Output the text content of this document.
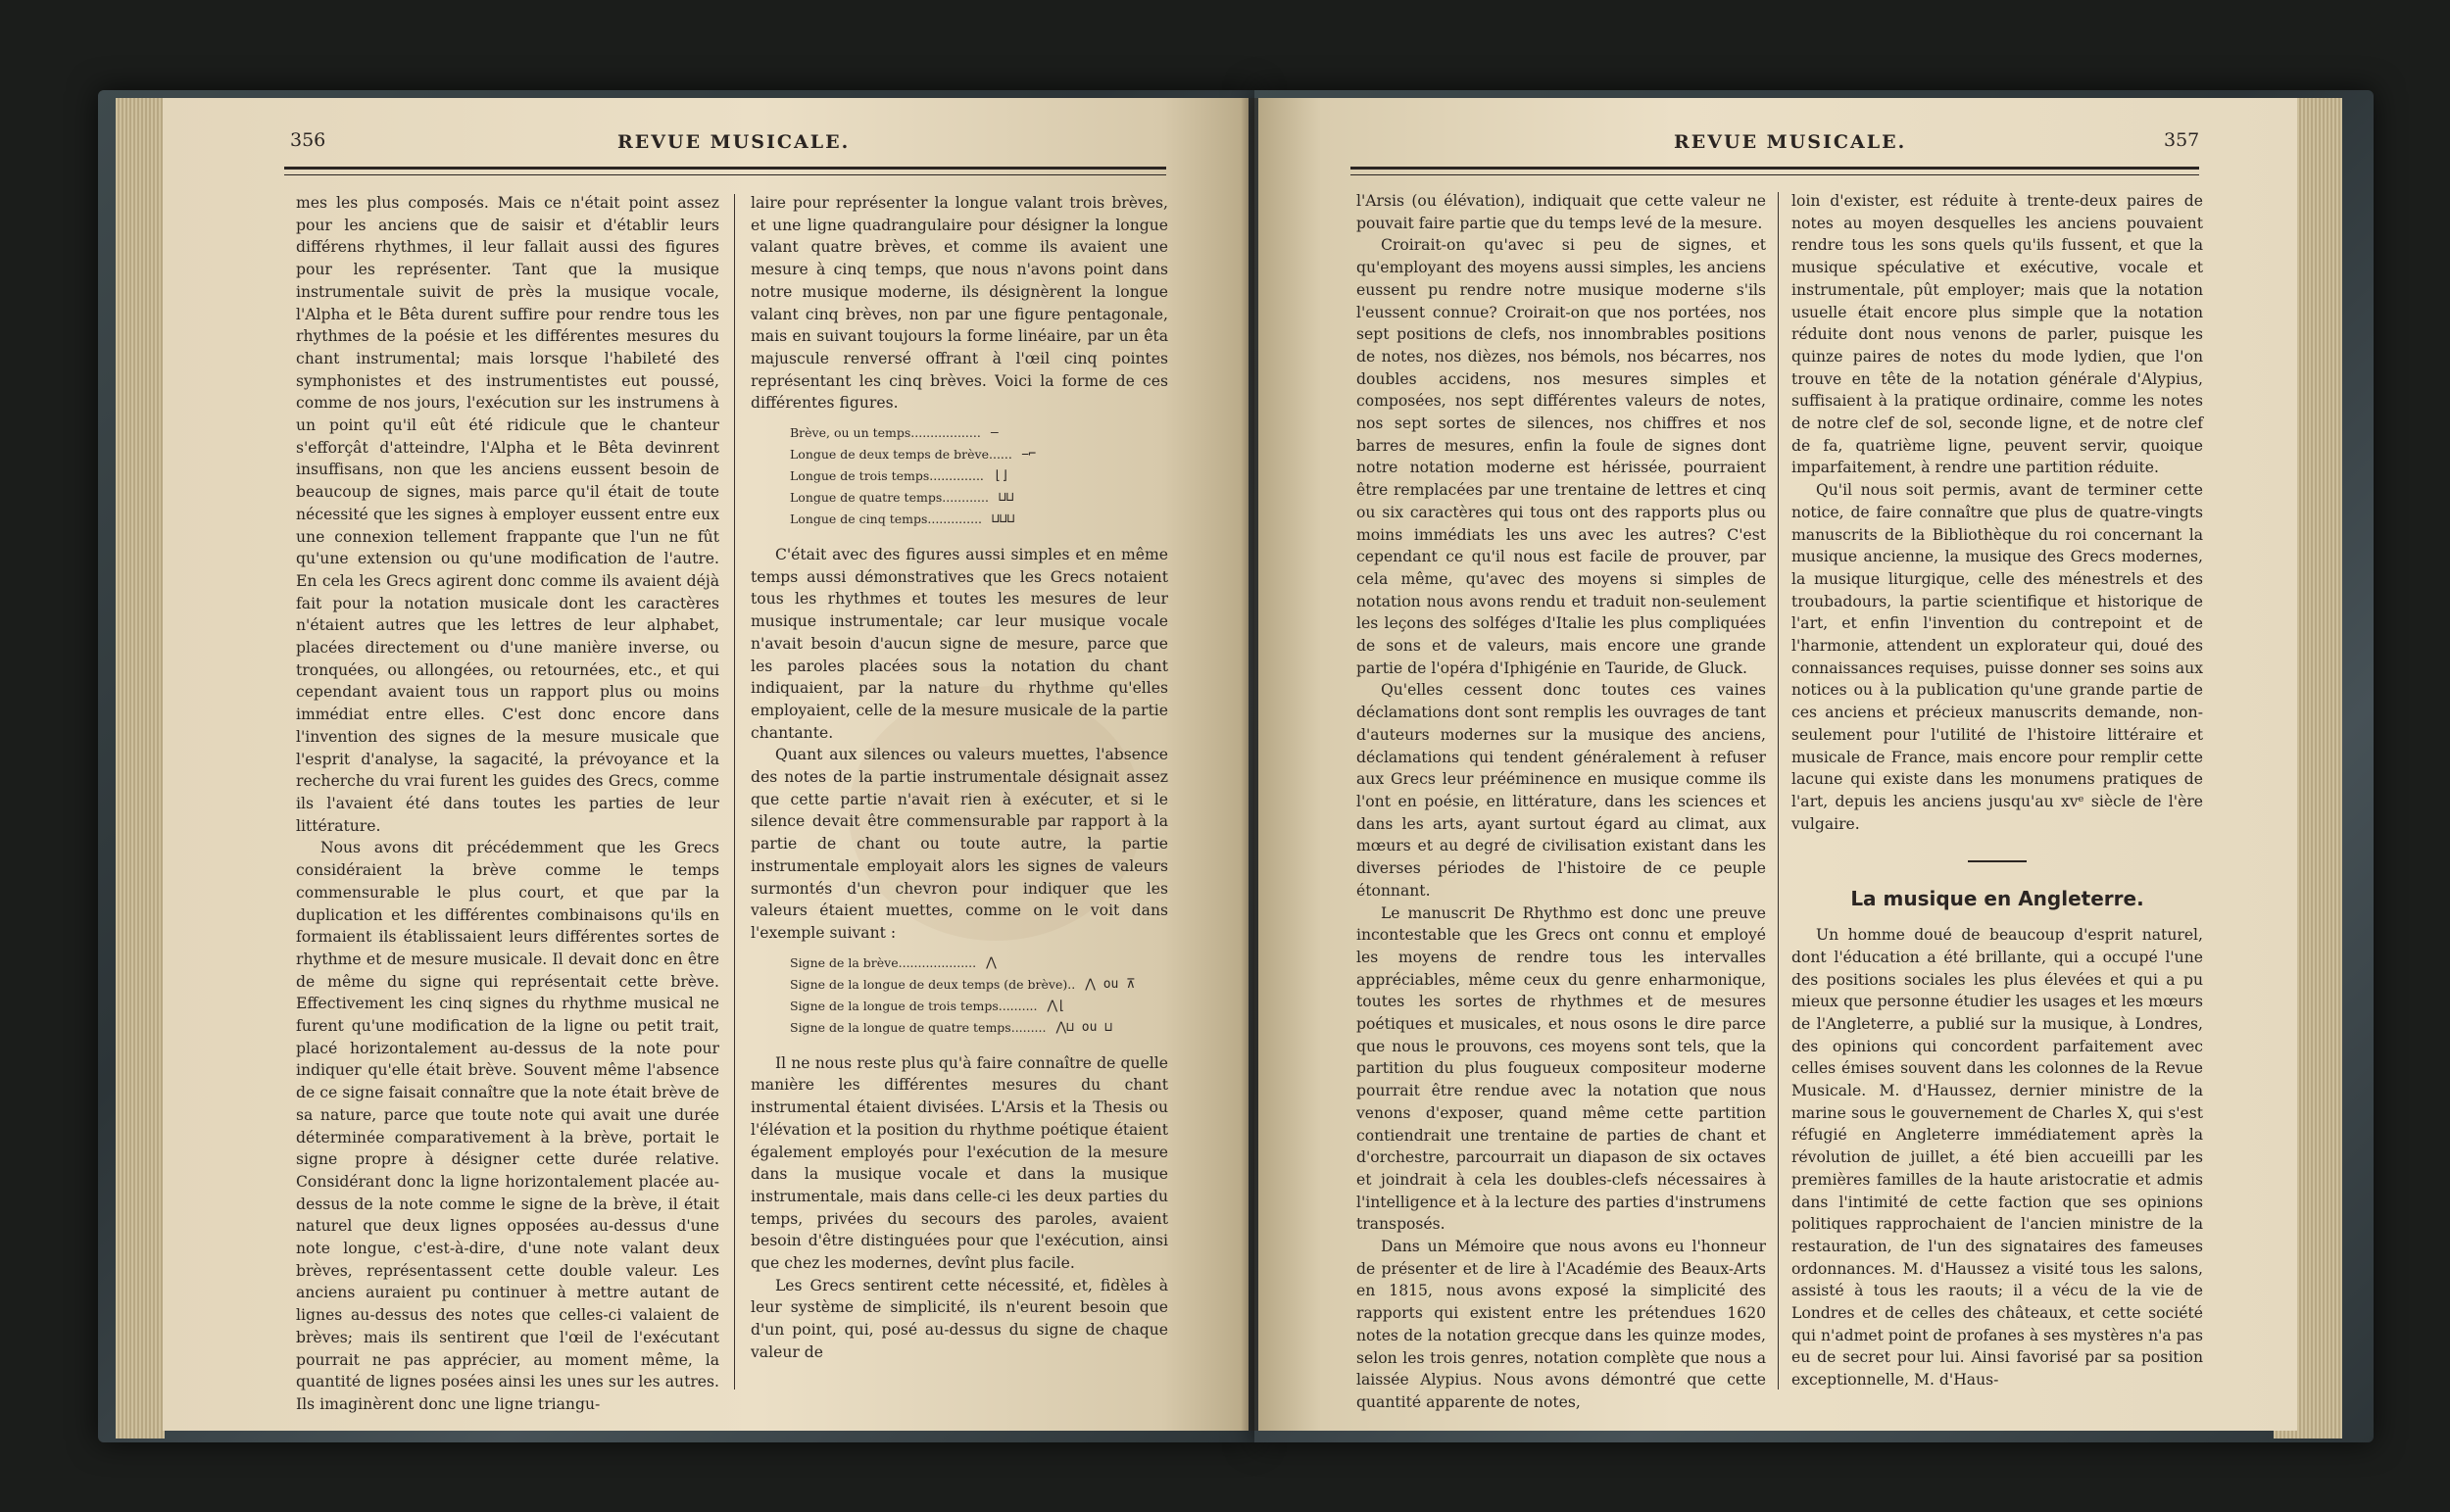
356	REVUE MUSICALE.

mes les plus composés. Mais ce n'était point assez pour les anciens que de saisir et d'établir leurs différens rhythmes, il leur fallait aussi des figures pour les représenter. Tant que la musique instrumentale suivit de près la musique vocale, l'Alpha et le Bêta durent suffire pour rendre tous les rhythmes de la poésie et les différentes mesures du chant instrumental; mais lorsque l'habileté des symphonistes et des instrumentistes eut poussé, comme de nos jours, l'exécution sur les instrumens à un point qu'il eût été ridicule que le chanteur s'efforçât d'atteindre, l'Alpha et le Bêta devinrent insuffisans, non que les anciens eussent besoin de beaucoup de signes, mais parce qu'il était de toute nécessité que les signes à employer eussent entre eux une connexion tellement frappante que l'un ne fût qu'une extension ou qu'une modification de l'autre. En cela les Grecs agirent donc comme ils avaient déjà fait pour la notation musicale dont les caractères n'étaient autres que les lettres de leur alphabet, placées directement ou d'une manière inverse, ou tronquées, ou allongées, ou retournées, etc., et qui cependant avaient tous un rapport plus ou moins immédiat entre elles. C'est donc encore dans l'invention des signes de la mesure musicale que l'esprit d'analyse, la sagacité, la prévoyance et la recherche du vrai furent les guides des Grecs, comme ils l'avaient été dans toutes les parties de leur littérature.

Nous avons dit précédemment que les Grecs considéraient la brève comme le temps commensurable le plus court, et que par la duplication et les différentes combinaisons qu'ils en formaient ils établissaient leurs différentes sortes de rhythme et de mesure musicale. Il devait donc en être de même du signe qui représentait cette brève. Effectivement les cinq signes du rhythme musical ne furent qu'une modification de la ligne ou petit trait, placé horizontalement au-dessus de la note pour indiquer qu'elle était brève. Souvent même l'absence de ce signe faisait connaître que la note était brève de sa nature, parce que toute note qui avait une durée déterminée comparativement à la brève, portait le signe propre à désigner cette durée relative. Considérant donc la ligne horizontalement placée au-dessus de la note comme le signe de la brève, il était naturel que deux lignes opposées au-dessus d'une note longue, c'est-à-dire, d'une note valant deux brèves, représentassent cette double valeur. Les anciens auraient pu continuer à mettre autant de lignes au-dessus des notes que celles-ci valaient de brèves; mais ils sentirent que l'œil de l'exécutant pourrait ne pas apprécier, au moment même, la quantité de lignes posées ainsi les unes sur les autres. Ils imaginèrent donc une ligne triangu-

laire pour représenter la longue valant trois brèves, et une ligne quadrangulaire pour désigner la longue valant quatre brèves, et comme ils avaient une mesure à cinq temps, que nous n'avons point dans notre musique moderne, ils désignèrent la longue valant cinq brèves, non par une figure pentagonale, mais en suivant toujours la forme linéaire, par un êta majuscule renversé offrant à l'œil cinq pointes représentant les cinq brèves. Voici la forme de ces différentes figures.

Brève, ou un temps .................. —
Longue de deux temps de brève ...... ⎯⌐
Longue de trois temps .............. ⌊⌋
Longue de quatre temps ............ ⊔⊔
Longue de cinq temps .............. ⊔⊔⊔

C'était avec des figures aussi simples et en même temps aussi démonstratives que les Grecs notaient tous les rhythmes et toutes les mesures de leur musique instrumentale; car leur musique vocale n'avait besoin d'aucun signe de mesure, parce que les paroles placées sous la notation du chant indiquaient, par la nature du rhythme qu'elles employaient, celle de la mesure musicale de la partie chantante.

Quant aux silences ou valeurs muettes, l'absence des notes de la partie instrumentale désignait assez que cette partie n'avait rien à exécuter, et si le silence devait être commensurable par rapport à la partie de chant ou toute autre, la partie instrumentale employait alors les signes de valeurs surmontés d'un chevron pour indiquer que les valeurs étaient muettes, comme on le voit dans l'exemple suivant :

Signe de la brève .................... ⋀
Signe de la longue de deux temps (de brève) .. ⋀ ou ⊼
Signe de la longue de trois temps .......... ⋀⌊
Signe de la longue de quatre temps ......... ⋀⊔ ou ⊔

Il ne nous reste plus qu'à faire connaître de quelle manière les différentes mesures du chant instrumental étaient divisées. L'Arsis et la Thesis ou l'élévation et la position du rhythme poétique étaient également employés pour l'exécution de la mesure dans la musique vocale et dans la musique instrumentale, mais dans celle-ci les deux parties du temps, privées du secours des paroles, avaient besoin d'être distinguées pour que l'exécution, ainsi que chez les modernes, devînt plus facile.

Les Grecs sentirent cette nécessité, et, fidèles à leur système de simplicité, ils n'eurent besoin que d'un point, qui, posé au-dessus du signe de chaque valeur de

REVUE MUSICALE.	357

l'Arsis (ou élévation), indiquait que cette valeur ne pouvait faire partie que du temps levé de la mesure.

Croirait-on qu'avec si peu de signes, et qu'employant des moyens aussi simples, les anciens eussent pu rendre notre musique moderne s'ils l'eussent connue? Croirait-on que nos portées, nos sept positions de clefs, nos innombrables positions de notes, nos dièzes, nos bémols, nos bécarres, nos doubles accidens, nos mesures simples et composées, nos sept différentes valeurs de notes, nos sept sortes de silences, nos chiffres et nos barres de mesures, enfin la foule de signes dont notre notation moderne est hérissée, pourraient être remplacées par une trentaine de lettres et cinq ou six caractères qui tous ont des rapports plus ou moins immédiats les uns avec les autres? C'est cependant ce qu'il nous est facile de prouver, par cela même, qu'avec des moyens si simples de notation nous avons rendu et traduit non-seulement les leçons des solféges d'Italie les plus compliquées de sons et de valeurs, mais encore une grande partie de l'opéra d'Iphigénie en Tauride, de Gluck.

Qu'elles cessent donc toutes ces vaines déclamations dont sont remplis les ouvrages de tant d'auteurs modernes sur la musique des anciens, déclamations qui tendent généralement à refuser aux Grecs leur prééminence en musique comme ils l'ont en poésie, en littérature, dans les sciences et dans les arts, ayant surtout égard au climat, aux mœurs et au degré de civilisation existant dans les diverses périodes de l'histoire de ce peuple étonnant.

Le manuscrit De Rhythmo est donc une preuve incontestable que les Grecs ont connu et employé les moyens de rendre tous les intervalles appréciables, même ceux du genre enharmonique, toutes les sortes de rhythmes et de mesures poétiques et musicales, et nous osons le dire parce que nous le prouvons, ces moyens sont tels, que la partition du plus fougueux compositeur moderne pourrait être rendue avec la notation que nous venons d'exposer, quand même cette partition contiendrait une trentaine de parties de chant et d'orchestre, parcourrait un diapason de six octaves et joindrait à cela les doubles-clefs nécessaires à l'intelligence et à la lecture des parties d'instrumens transposés.

Dans un Mémoire que nous avons eu l'honneur de présenter et de lire à l'Académie des Beaux-Arts en 1815, nous avons exposé la simplicité des rapports qui existent entre les prétendues 1620 notes de la notation grecque dans les quinze modes, selon les trois genres, notation complète que nous a laissée Alypius. Nous avons démontré que cette quantité apparente de notes,

loin d'exister, est réduite à trente-deux paires de notes au moyen desquelles les anciens pouvaient rendre tous les sons quels qu'ils fussent, et que la musique spéculative et exécutive, vocale et instrumentale, pût employer; mais que la notation usuelle était encore plus simple que la notation réduite dont nous venons de parler, puisque les quinze paires de notes du mode lydien, que l'on trouve en tête de la notation générale d'Alypius, suffisaient à la pratique ordinaire, comme les notes de notre clef de sol, seconde ligne, et de notre clef de fa, quatrième ligne, peuvent servir, quoique imparfaitement, à rendre une partition réduite.

Qu'il nous soit permis, avant de terminer cette notice, de faire connaître que plus de quatre-vingts manuscrits de la Bibliothèque du roi concernant la musique ancienne, la musique des Grecs modernes, la musique liturgique, celle des ménestrels et des troubadours, la partie scientifique et historique de l'art, et enfin l'invention du contrepoint et de l'harmonie, attendent un explorateur qui, doué des connaissances requises, puisse donner ses soins aux notices ou à la publication qu'une grande partie de ces anciens et précieux manuscrits demande, non-seulement pour l'utilité de l'histoire littéraire et musicale de France, mais encore pour remplir cette lacune qui existe dans les monumens pratiques de l'art, depuis les anciens jusqu'au xvᵉ siècle de l'ère vulgaire.

La musique en Angleterre.

Un homme doué de beaucoup d'esprit naturel, dont l'éducation a été brillante, qui a occupé l'une des positions sociales les plus élevées et qui a pu mieux que personne étudier les usages et les mœurs de l'Angleterre, a publié sur la musique, à Londres, des opinions qui concordent parfaitement avec celles émises souvent dans les colonnes de la Revue Musicale. M. d'Haussez, dernier ministre de la marine sous le gouvernement de Charles X, qui s'est réfugié en Angleterre immédiatement après la révolution de juillet, a été bien accueilli par les premières familles de la haute aristocratie et admis dans l'intimité de cette faction que ses opinions politiques rapprochaient de l'ancien ministre de la restauration, de l'un des signataires des fameuses ordonnances. M. d'Haussez a visité tous les salons, assisté à tous les raouts; il a vécu de la vie de Londres et de celles des châteaux, et cette société qui n'admet point de profanes à ses mystères n'a pas eu de secret pour lui. Ainsi favorisé par sa position exceptionnelle, M. d'Haus-
